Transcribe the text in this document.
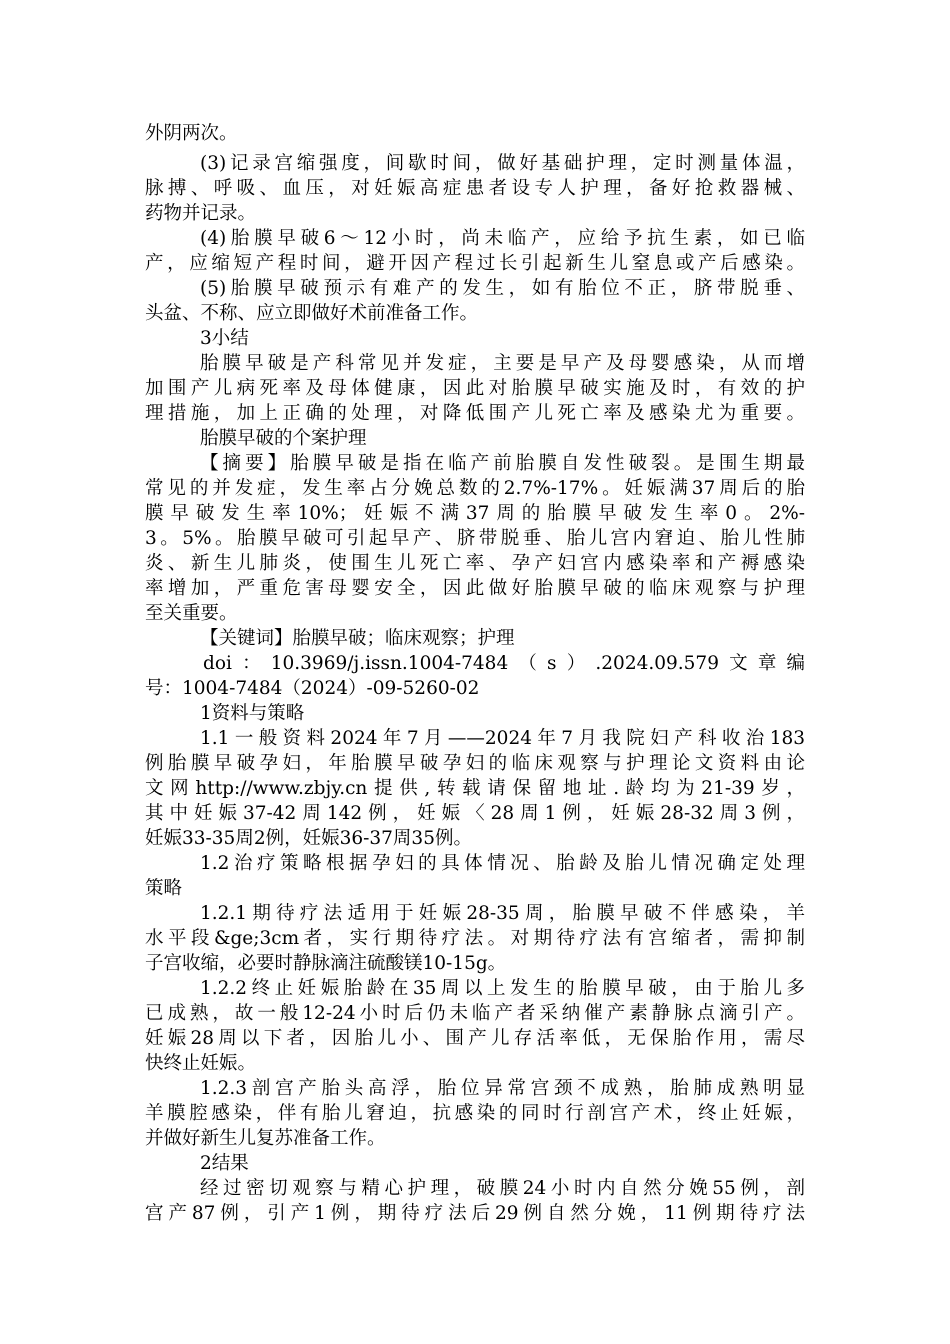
外阴两次。
(3)记录宫缩强度，间歇时间，做好基础护理，定时测量体温，
脉搏、呼吸、血压，对妊娠高症患者设专人护理，备好抢救器械、
药物并记录。
(4)胎膜早破6～12小时，尚未临产，应给予抗生素，如已临
产，应缩短产程时间，避开因产程过长引起新生儿窒息或产后感染。
(5)胎膜早破预示有难产的发生，如有胎位不正，脐带脱垂、
头盆、不称、应立即做好术前准备工作。
3小结
胎膜早破是产科常见并发症，主要是早产及母婴感染，从而增
加围产儿病死率及母体健康，因此对胎膜早破实施及时，有效的护
理措施，加上正确的处理，对降低围产儿死亡率及感染尤为重要。
胎膜早破的个案护理
【摘要】胎膜早破是指在临产前胎膜自发性破裂。是围生期最
常见的并发症，发生率占分娩总数的2.7%-17%。妊娠满37周后的胎
膜早破发生率10%；妊娠不满37周的胎膜早破发生率0。2%-
3。5%。胎膜早破可引起早产、脐带脱垂、胎儿宫内窘迫、胎儿性肺
炎、新生儿肺炎，使围生儿死亡率、孕产妇宫内感染率和产褥感染
率增加，严重危害母婴安全，因此做好胎膜早破的临床观察与护理
至关重要。
【关键词】胎膜早破；临床观察；护理
doi：10.3969/j.issn.1004-7484（s）.2024.09.579文章编
号：1004-7484（2024）-09-5260-02
1资料与策略
1.1一般资料2024年7月——2024年7月我院妇产科收治183
例胎膜早破孕妇，年胎膜早破孕妇的临床观察与护理论文资料由论
文网http://www.zbjy.cn提供,转载请保留地址.龄均为21-39岁，
其中妊娠37-42周142例，妊娠〈28周1例，妊娠28-32周3例，
妊娠33-35周2例，妊娠36-37周35例。
1.2治疗策略根据孕妇的具体情况、胎龄及胎儿情况确定处理
策略
1.2.1期待疗法适用于妊娠28-35周，胎膜早破不伴感染，羊
水平段&ge;3cm者，实行期待疗法。对期待疗法有宫缩者，需抑制
子宫收缩，必要时静脉滴注硫酸镁10-15g。
1.2.2终止妊娠胎龄在35周以上发生的胎膜早破，由于胎儿多
已成熟，故一般12-24小时后仍未临产者采纳催产素静脉点滴引产。
妊娠28周以下者，因胎儿小、围产儿存活率低，无保胎作用，需尽
快终止妊娠。
1.2.3剖宫产胎头高浮，胎位异常宫颈不成熟，胎肺成熟明显
羊膜腔感染，伴有胎儿窘迫，抗感染的同时行剖宫产术，终止妊娠，
并做好新生儿复苏准备工作。
2结果
经过密切观察与精心护理，破膜24小时内自然分娩55例，剖
宫产87例，引产1例，期待疗法后29例自然分娩，11例期待疗法
